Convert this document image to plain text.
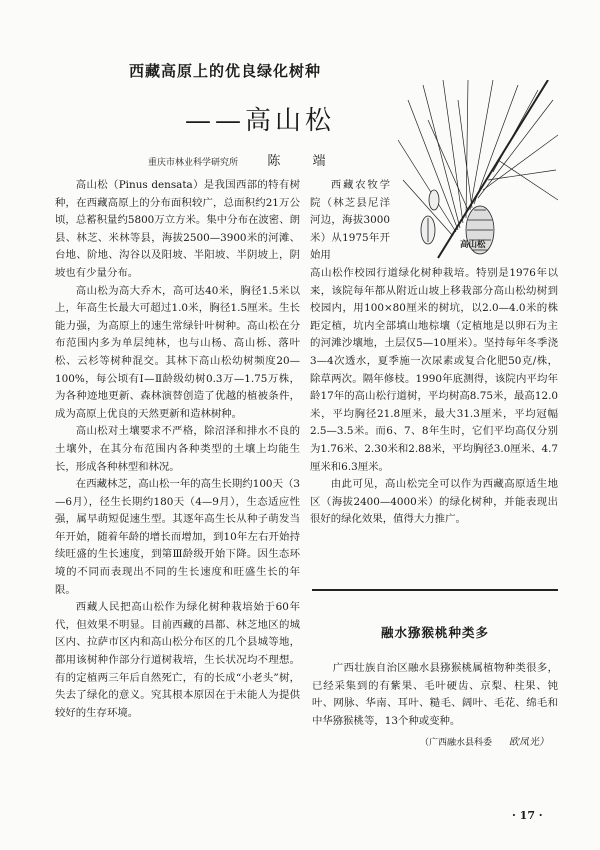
西藏高原上的优良绿化树种
——高山松
重庆市林业科学研究所 陈 端
高山松

高山松（Pinus densata）是我国西部的特有树种，在西藏高原上的分布面积较广，总面积约21万公顷，总蓄积量约5800万立方米。集中分布在波密、朗县、林芝、米林等县，海拔2500—3900米的河滩、台地、阶地、沟谷以及阳坡、半阳坡、半阴坡上，阴坡也有少量分布。

高山松为高大乔木，高可达40米，胸径1.5米以上，年高生长最大可超过1.0米，胸径1.5厘米。生长能力强，为高原上的速生常绿针叶树种。高山松在分布范围内多为单层纯林，也与山杨、高山栎、落叶松、云杉等树种混交。其林下高山松幼树频度20—100%，每公顷有Ⅰ—Ⅱ龄级幼树0.3万—1.75万株，为各种迹地更新、森林演替创造了优越的植被条件，成为高原上优良的天然更新和造林树种。

高山松对土壤要求不严格，除沼泽和排水不良的土壤外，在其分布范围内各种类型的土壤上均能生长，形成各种林型和林况。

在西藏林芝，高山松一年的高生长期约100天（3—6月），径生长期约180天（4—9月），生态适应性强，属早萌短促速生型。其逐年高生长从种子萌发当年开始，随着年龄的增长而增加，到10年左右开始持续旺盛的生长速度，到第Ⅲ龄级开始下降。因生态环境的不同而表现出不同的生长速度和旺盛生长的年限。

西藏人民把高山松作为绿化树种栽培始于60年代，但效果不明显。目前西藏的昌都、林芝地区的城区内、拉萨市区内和高山松分布区的几个县城等地，都用该树种作部分行道树栽培，生长状况均不理想。有的定植两三年后自然死亡，有的长成“小老头”树，失去了绿化的意义。究其根本原因在于未能人为提供较好的生存环境。

西藏农牧学院（林芝县尼洋河边，海拔3000米）从1975年开始用

高山松作校园行道绿化树种栽培。特别是1976年以来，该院每年都从附近山坡上移栽部分高山松幼树到校园内，用100×80厘米的树坑，以2.0—4.0米的株距定植，坑内全部填山地棕壤（定植地是以卵石为主的河滩沙壤地，土层仅5—10厘米）。坚持每年冬季浇3—4次透水，夏季施一次尿素或复合化肥50克/株，除草两次。隔年修枝。1990年底测得，该院内平均年龄17年的高山松行道树，平均树高8.75米，最高12.0米，平均胸径21.8厘米，最大31.3厘米，平均冠幅2.5—3.5米。而6、7、8年生时，它们平均高仅分别为1.76米、2.30米和2.88米，平均胸径3.0厘米、4.7厘米和6.3厘米。

由此可见，高山松完全可以作为西藏高原适生地区（海拔2400—4000米）的绿化树种，并能表现出很好的绿化效果，值得大力推广。

融水猕猴桃种类多

广西壮族自治区融水县猕猴桃属植物种类很多，已经采集到的有紫果、毛叶硬齿、京梨、柱果、钝叶、网脉、华南、耳叶、糙毛、阔叶、毛花、绵毛和中华猕猴桃等，13个种或变种。

（广西融水县科委 欧凤光）
· 17 ·
